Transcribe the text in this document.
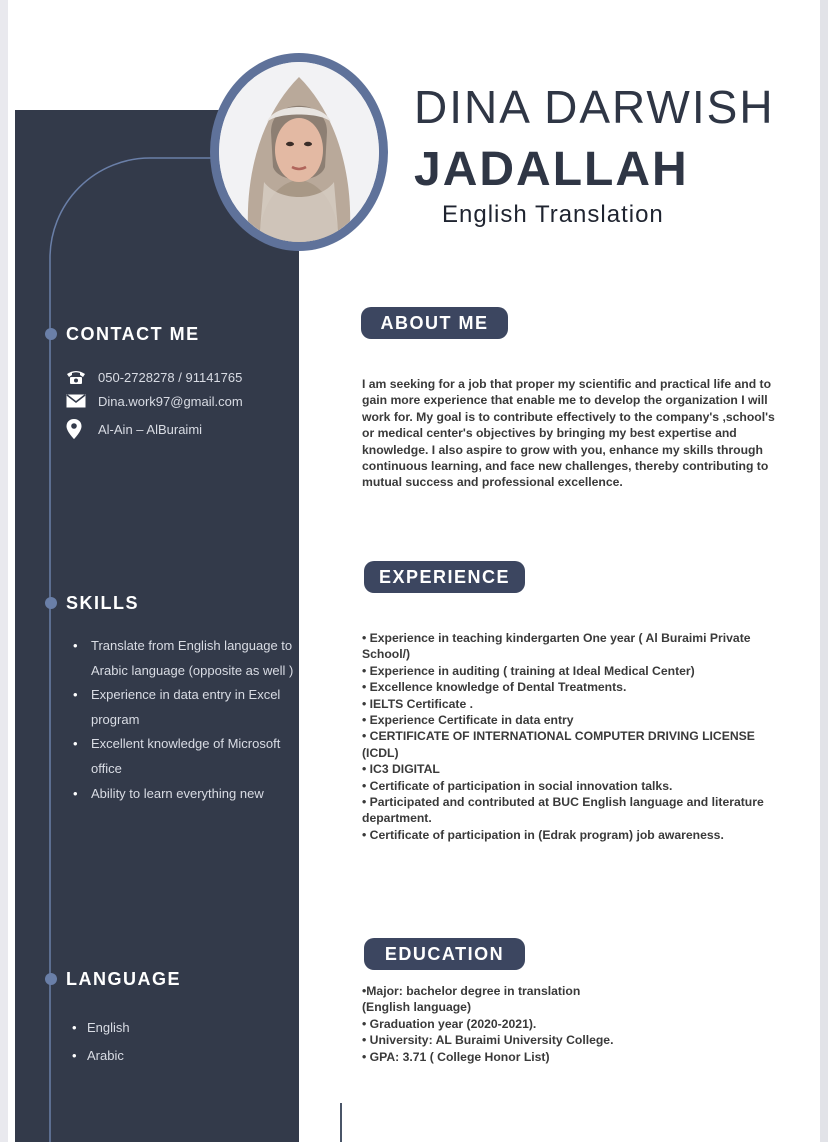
DINA DARWISH
JADALLAH
English Translation
CONTACT ME
050-2728278 / 91141765
Dina.work97@gmail.com
Al-Ain – AlBuraimi
SKILLS
• Translate from English language to Arabic language (opposite as well )
• Experience in data entry in Excel program
• Excellent knowledge of Microsoft office
• Ability to learn everything new
LANGUAGE
• English
• Arabic
ABOUT ME

I am seeking for a job that proper my scientific and practical life and to gain more experience that enable me to develop the organization I will work for. My goal is to contribute effectively to the company's ,school's or medical center's objectives by bringing my best expertise and knowledge. I also aspire to grow with you, enhance my skills through continuous learning, and face new challenges, thereby contributing to mutual success and professional excellence.

EXPERIENCE
• Experience in teaching kindergarten One year ( Al Buraimi Private School/)
• Experience in auditing ( training at Ideal Medical Center)
• Excellence knowledge of Dental Treatments.
• IELTS Certificate .
• Experience Certificate in data entry
• CERTIFICATE OF INTERNATIONAL COMPUTER DRIVING LICENSE (ICDL)
• IC3 DIGITAL
• Certificate of participation in social innovation talks.
• Participated and contributed at BUC English language and literature
department.
• Certificate of participation in (Edrak program) job awareness.
EDUCATION
•Major: bachelor degree in translation
(English language)
• Graduation year (2020-2021).
• University: AL Buraimi University College.
• GPA: 3.71 ( College Honor List)
